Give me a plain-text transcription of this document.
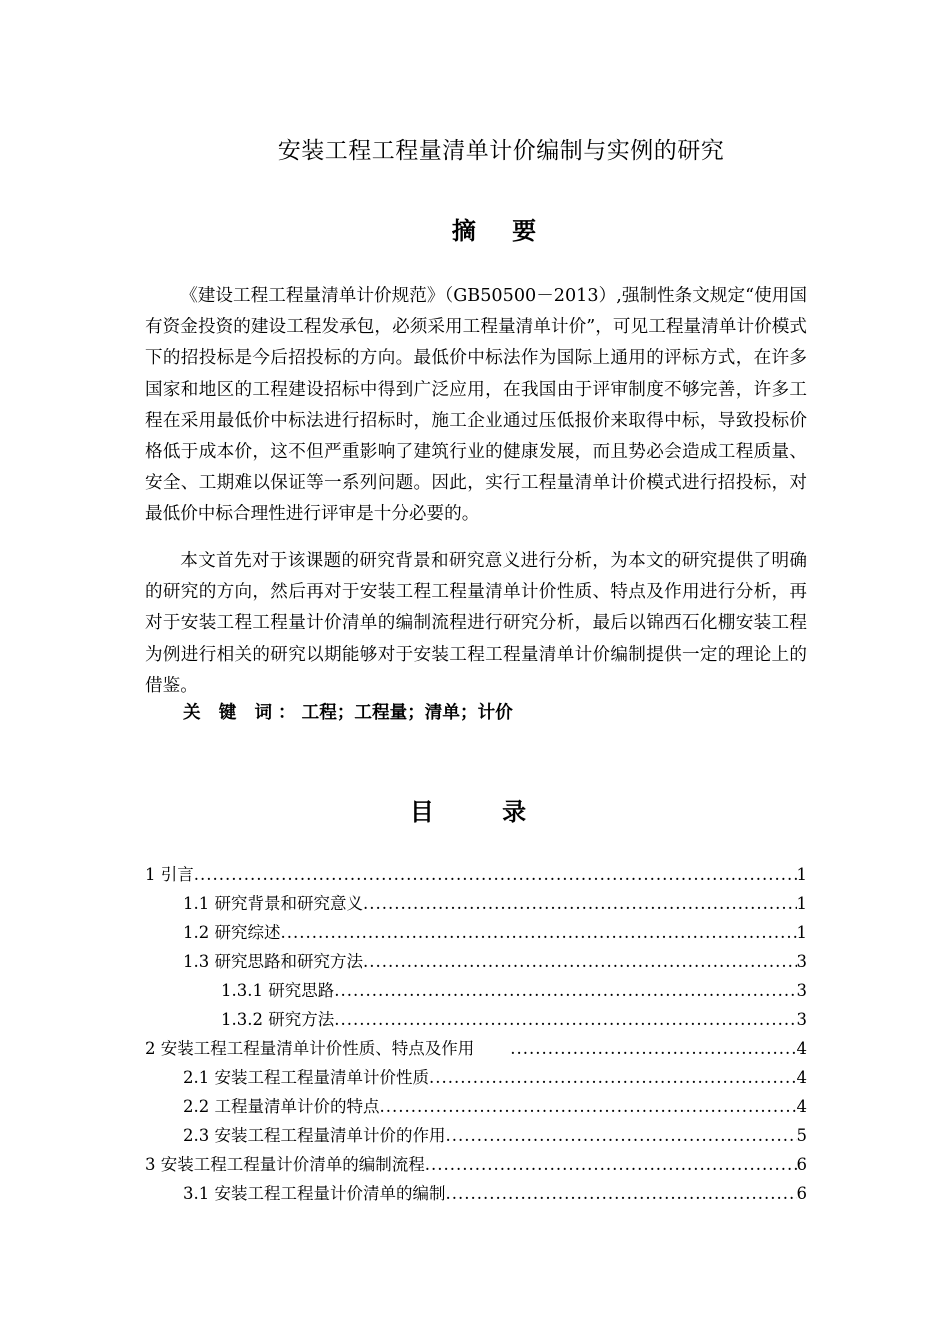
安装工程工程量清单计价编制与实例的研究
摘 要

《建设工程工程量清单计价规范》（GB50500－2013）,强制性条文规定“使用国有资金投资的建设工程发承包，必须采用工程量清单计价”，可见工程量清单计价模式下的招投标是今后招投标的方向。最低价中标法作为国际上通用的评标方式，在许多国家和地区的工程建设招标中得到广泛应用，在我国由于评审制度不够完善，许多工程在采用最低价中标法进行招标时，施工企业通过压低报价来取得中标，导致投标价格低于成本价，这不但严重影响了建筑行业的健康发展，而且势必会造成工程质量、安全、工期难以保证等一系列问题。因此，实行工程量清单计价模式进行招投标，对最低价中标合理性进行评审是十分必要的。

本文首先对于该课题的研究背景和研究意义进行分析，为本文的研究提供了明确的研究的方向，然后再对于安装工程工程量清单计价性质、特点及作用进行分析，再对于安装工程工程量计价清单的编制流程进行研究分析，最后以锦西石化棚安装工程为例进行相关的研究以期能够对于安装工程工程量清单计价编制提供一定的理论上的借鉴。

关 键 词：工程；工程量；清单；计价
目 录
1 引言 .....	1
1.1 研究背景和研究意义 .....	1
1.2 研究综述 .....	1
1.3 研究思路和研究方法 .....	3
1.3.1 研究思路 .....	3
1.3.2 研究方法 .....	3
2 安装工程工程量清单计价性质、特点及作用 .....	4
2.1 安装工程工程量清单计价性质 .....	4
2.2 工程量清单计价的特点 .....	4
2.3 安装工程工程量清单计价的作用 .....	5
3 安装工程工程量计价清单的编制流程 .....	6
3.1 安装工程工程量计价清单的编制 .....	6
